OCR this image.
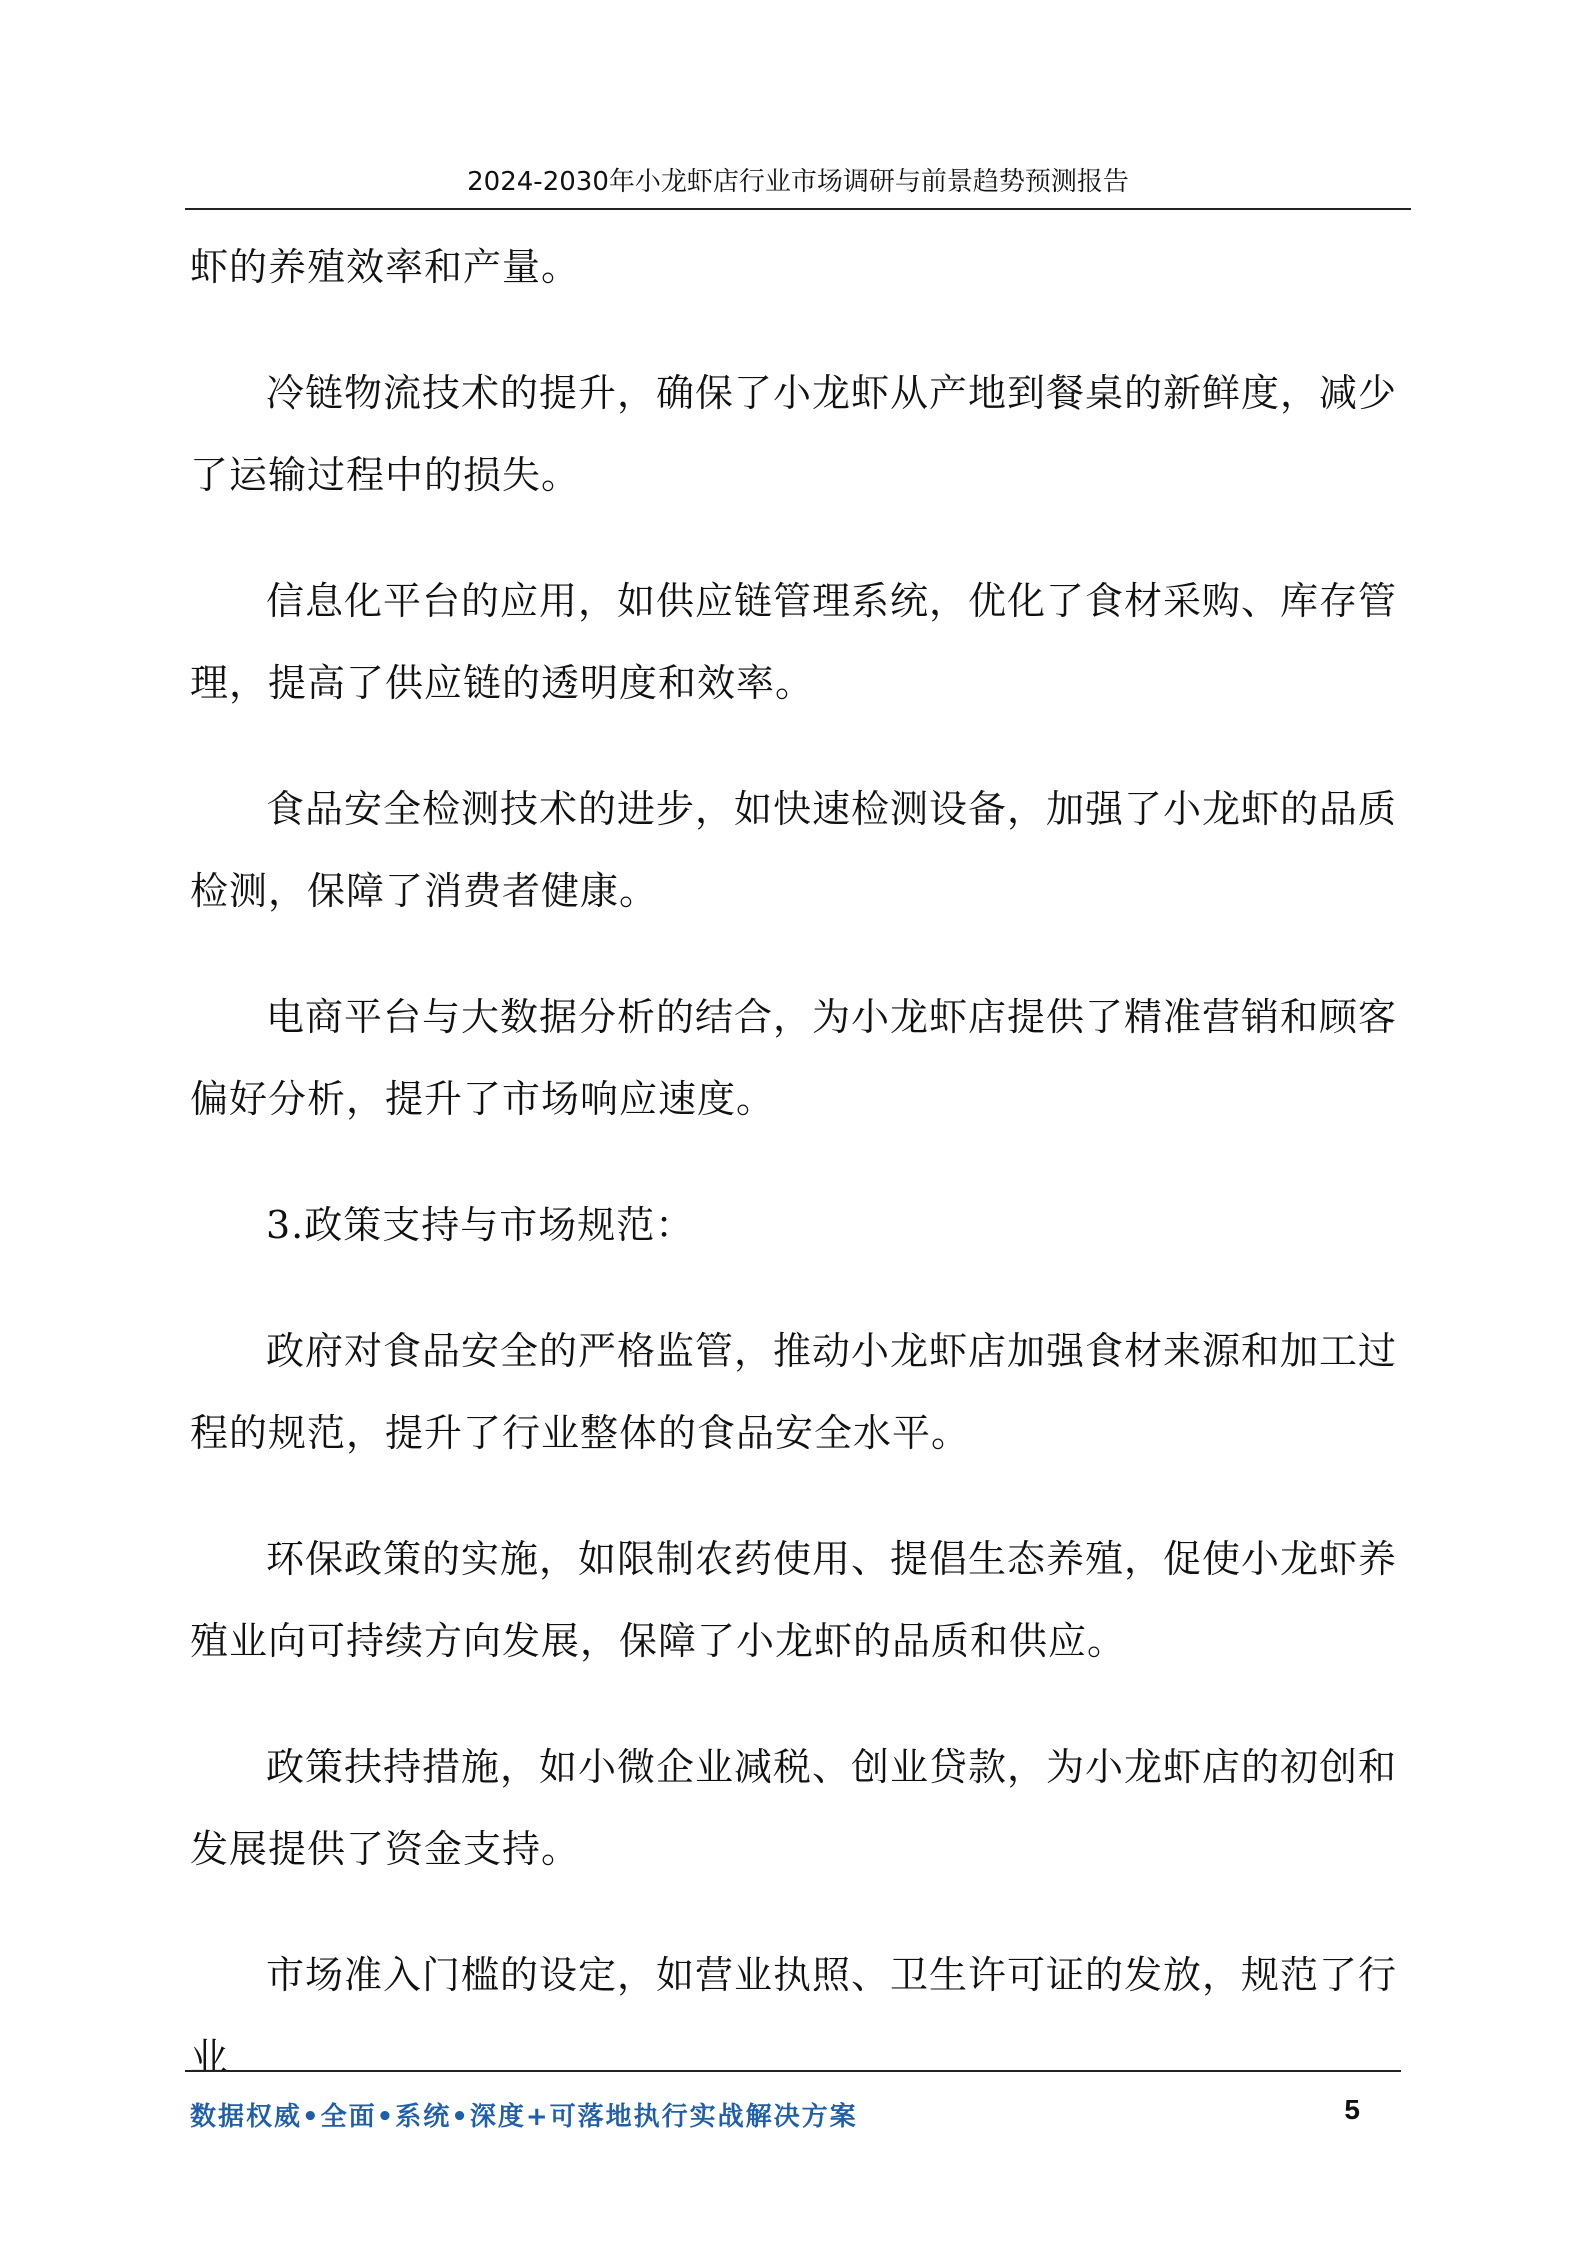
2024-2030年小龙虾店行业市场调研与前景趋势预测报告

虾的养殖效率和产量。

冷链物流技术的提升，确保了小龙虾从产地到餐桌的新鲜度，减少了运输过程中的损失。

信息化平台的应用，如供应链管理系统，优化了食材采购、库存管理，提高了供应链的透明度和效率。

食品安全检测技术的进步，如快速检测设备，加强了小龙虾的品质检测，保障了消费者健康。

电商平台与大数据分析的结合，为小龙虾店提供了精准营销和顾客偏好分析，提升了市场响应速度。

3.政策支持与市场规范：

政府对食品安全的严格监管，推动小龙虾店加强食材来源和加工过程的规范，提升了行业整体的食品安全水平。

环保政策的实施，如限制农药使用、提倡生态养殖，促使小龙虾养殖业向可持续方向发展，保障了小龙虾的品质和供应。

政策扶持措施，如小微企业减税、创业贷款，为小龙虾店的初创和发展提供了资金支持。

市场准入门槛的设定，如营业执照、卫生许可证的发放，规范了行业

数据权威•全面•系统•深度+可落地执行实战解决方案	5
